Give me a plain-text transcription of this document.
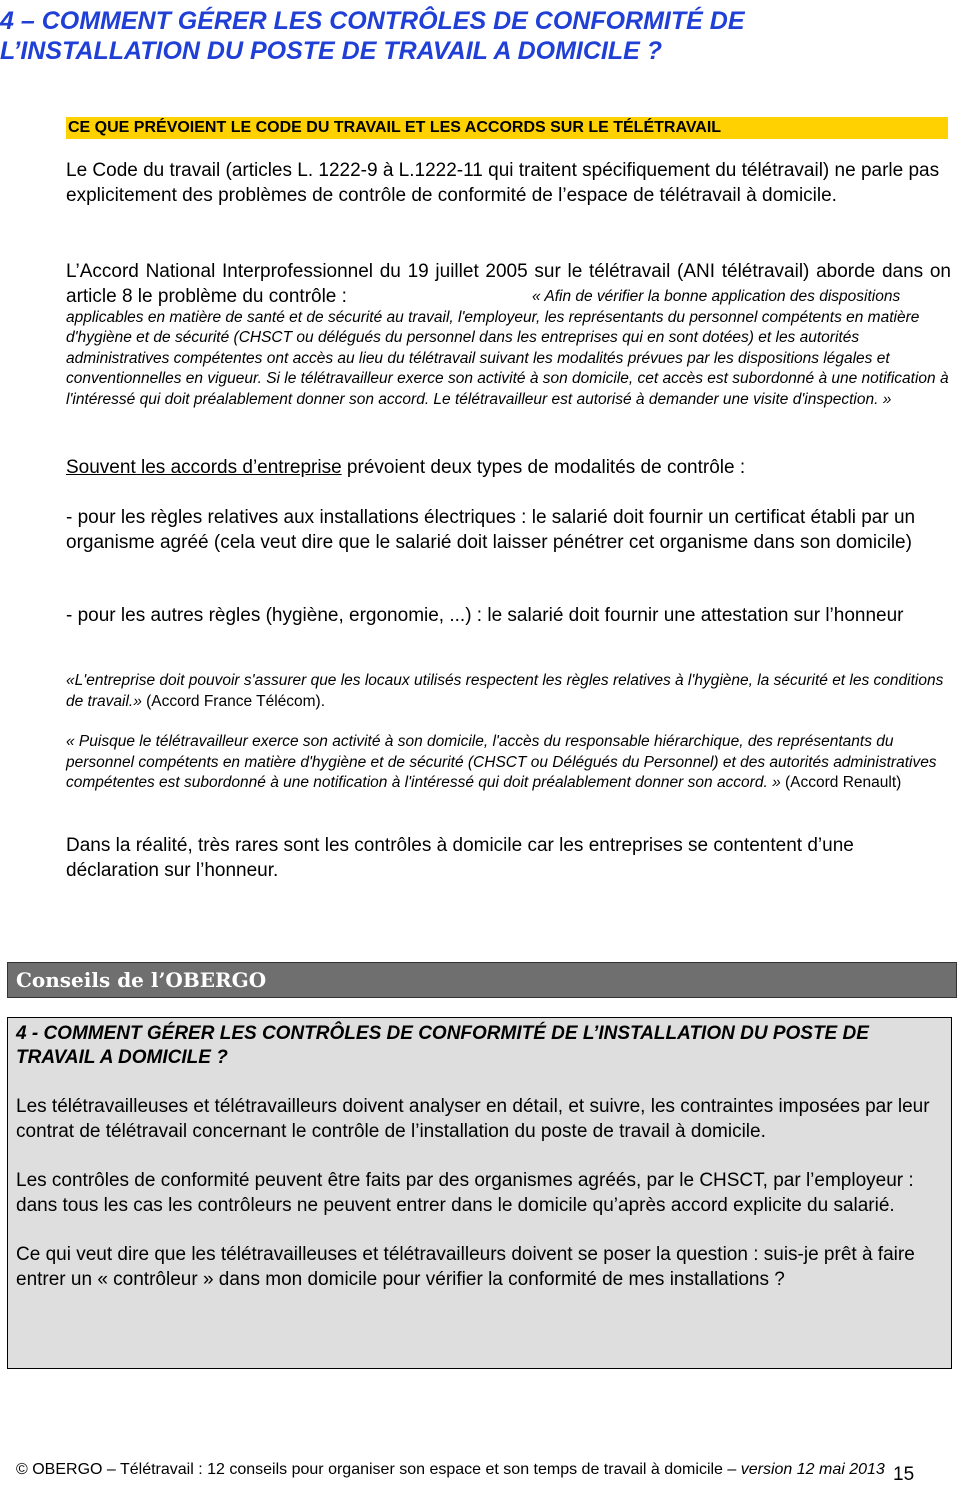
4 – COMMENT GÉRER LES CONTRÔLES DE CONFORMITÉ DE
L’INSTALLATION DU POSTE DE TRAVAIL A DOMICILE ?
CE QUE PRÉVOIENT LE CODE DU TRAVAIL ET LES ACCORDS SUR LE TÉLÉTRAVAIL

Le Code du travail (articles L. 1222-9 à L.1222-11 qui traitent spécifiquement du télétravail) ne parle pas explicitement des problèmes de contrôle de conformité de l’espace de télétravail à domicile.

L’Accord National Interprofessionnel du 19 juillet 2005 sur le télétravail (ANI télétravail) aborde dans on article 8 le problème du contrôle :	« Afin de vérifier la bonne application des dispositions applicables en matière de santé et de sécurité au travail, l'employeur, les représentants du personnel compétents en matière d'hygiène et de sécurité (CHSCT ou délégués du personnel dans les entreprises qui en sont dotées) et les autorités administratives compétentes ont accès au lieu du télétravail suivant les modalités prévues par les dispositions légales et conventionnelles en vigueur. Si le télétravailleur exerce son activité à son domicile, cet accès est subordonné à une notification à l'intéressé qui doit préalablement donner son accord. Le télétravailleur est autorisé à demander une visite d'inspection. »

Souvent les accords d’entreprise prévoient deux types de modalités de contrôle :

- pour les règles relatives aux installations électriques : le salarié doit fournir un certificat établi par un organisme agréé (cela veut dire que le salarié doit laisser pénétrer cet organisme dans son domicile)

- pour les autres règles (hygiène, ergonomie, ...) : le salarié doit fournir une attestation sur l’honneur

«L'entreprise doit pouvoir s'assurer que les locaux utilisés respectent les règles relatives à l'hygiène, la sécurité et les conditions de travail.» (Accord France Télécom).

« Puisque le télétravailleur exerce son activité à son domicile, l'accès du responsable hiérarchique, des représentants du personnel compétents en matière d'hygiène et de sécurité (CHSCT ou Délégués du Personnel) et des autorités administratives compétentes est subordonné à une notification à l'intéressé qui doit préalablement donner son accord. » (Accord Renault)

Dans la réalité, très rares sont les contrôles à domicile car les entreprises se contentent d’une déclaration sur l’honneur.

Conseils de l’OBERGO

4 - COMMENT GÉRER LES CONTRÔLES DE CONFORMITÉ DE L’INSTALLATION DU POSTE DE TRAVAIL A DOMICILE ?

Les télétravailleuses et télétravailleurs doivent analyser en détail, et suivre, les contraintes imposées par leur contrat de télétravail concernant le contrôle de l’installation du poste de travail à domicile.

Les contrôles de conformité peuvent être faits par des organismes agréés, par le CHSCT, par l’employeur : dans tous les cas les contrôleurs ne peuvent entrer dans le domicile qu’après accord explicite du salarié.

Ce qui veut dire que les télétravailleuses et télétravailleurs doivent se poser la question : suis-je prêt à faire entrer un « contrôleur » dans mon domicile pour vérifier la conformité de mes installations ?

© OBERGO – Télétravail : 12 conseils pour organiser son espace et son temps de travail à domicile – version 12 mai 2013 15
